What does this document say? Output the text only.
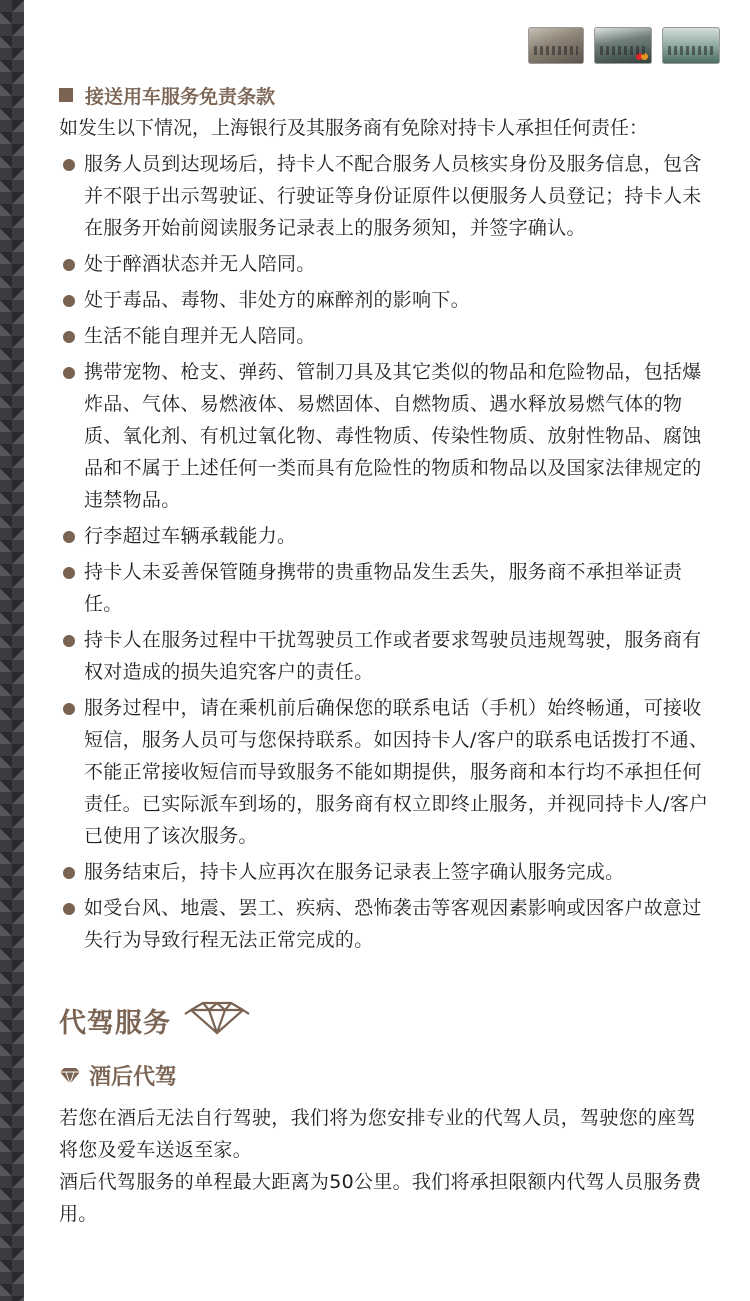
接送用车服务免责条款
如发生以下情况，上海银行及其服务商有免除对持卡人承担任何责任：
服务人员到达现场后，持卡人不配合服务人员核实身份及服务信息，包含并不限于出示驾驶证、行驶证等身份证原件以便服务人员登记；持卡人未在服务开始前阅读服务记录表上的服务须知，并签字确认。
处于醉酒状态并无人陪同。
处于毒品、毒物、非处方的麻醉剂的影响下。
生活不能自理并无人陪同。
携带宠物、枪支、弹药、管制刀具及其它类似的物品和危险物品，包括爆炸品、气体、易燃液体、易燃固体、自燃物质、遇水释放易燃气体的物质、氧化剂、有机过氧化物、毒性物质、传染性物质、放射性物品、腐蚀品和不属于上述任何一类而具有危险性的物质和物品以及国家法律规定的违禁物品。
行李超过车辆承载能力。
持卡人未妥善保管随身携带的贵重物品发生丢失，服务商不承担举证责任。
持卡人在服务过程中干扰驾驶员工作或者要求驾驶员违规驾驶，服务商有权对造成的损失追究客户的责任。
服务过程中，请在乘机前后确保您的联系电话（手机）始终畅通，可接收短信，服务人员可与您保持联系。如因持卡人/客户的联系电话拨打不通、不能正常接收短信而导致服务不能如期提供，服务商和本行均不承担任何责任。已实际派车到场的，服务商有权立即终止服务，并视同持卡人/客户已使用了该次服务。
服务结束后，持卡人应再次在服务记录表上签字确认服务完成。
如受台风、地震、罢工、疾病、恐怖袭击等客观因素影响或因客户故意过失行为导致行程无法正常完成的。
代驾服务
酒后代驾
若您在酒后无法自行驾驶，我们将为您安排专业的代驾人员，驾驶您的座驾将您及爱车送返至家。
酒后代驾服务的单程最大距离为50公里。我们将承担限额内代驾人员服务费用。
